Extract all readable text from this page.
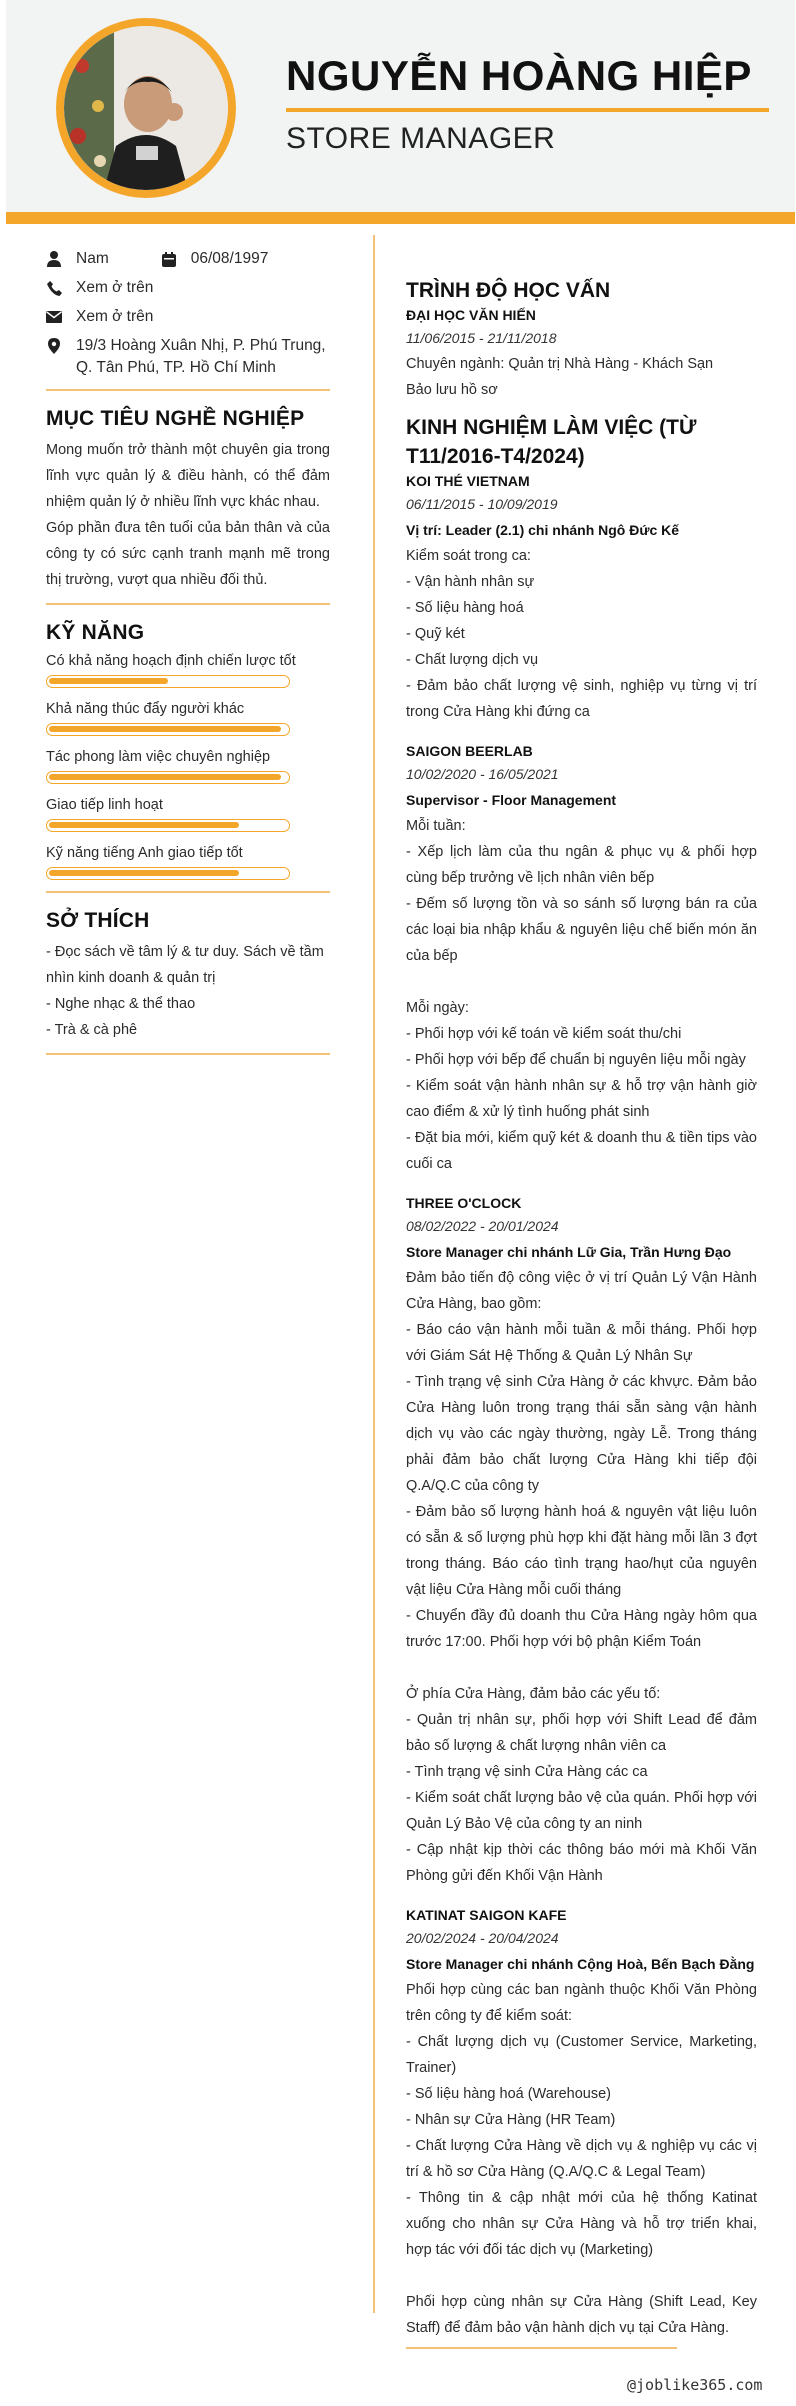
NGUYỄN HOÀNG HIỆP
STORE MANAGER
Nam	06/08/1997
Xem ở trên
Xem ở trên
19/3 Hoàng Xuân Nhị, P. Phú Trung, Q. Tân Phú, TP. Hồ Chí Minh
MỤC TIÊU NGHỀ NGHIỆP
Mong muốn trở thành một chuyên gia trong lĩnh vực quản lý & điều hành, có thể đảm nhiệm quản lý ở nhiều lĩnh vực khác nhau.
Góp phần đưa tên tuổi của bản thân và của công ty có sức cạnh tranh mạnh mẽ trong thị trường, vượt qua nhiều đối thủ.
KỸ NĂNG
Có khả năng hoạch định chiến lược tốt
Khả năng thúc đẩy người khác
Tác phong làm việc chuyên nghiệp
Giao tiếp linh hoạt
Kỹ năng tiếng Anh giao tiếp tốt
SỞ THÍCH
- Đọc sách về tâm lý & tư duy. Sách về tầm nhìn kinh doanh & quản trị
- Nghe nhạc & thể thao
- Trà & cà phê
TRÌNH ĐỘ HỌC VẤN
ĐẠI HỌC VĂN HIẾN
11/06/2015 - 21/11/2018
Chuyên ngành: Quản trị Nhà Hàng - Khách Sạn
Bảo lưu hồ sơ
KINH NGHIỆM LÀM VIỆC (TỪ T11/2016-T4/2024)
KOI THÉ VIETNAM
06/11/2015 - 10/09/2019
Vị trí: Leader (2.1) chi nhánh Ngô Đức Kế
Kiểm soát trong ca:
- Vận hành nhân sự
- Số liệu hàng hoá
- Quỹ két
- Chất lượng dịch vụ
- Đảm bảo chất lượng vệ sinh, nghiệp vụ từng vị trí trong Cửa Hàng khi đứng ca
SAIGON BEERLAB
10/02/2020 - 16/05/2021
Supervisor - Floor Management
Mỗi tuần:
- Xếp lịch làm của thu ngân & phục vụ & phối hợp cùng bếp trưởng về lịch nhân viên bếp
- Đếm số lượng tồn và so sánh số lượng bán ra của các loại bia nhập khẩu & nguyên liệu chế biến món ăn của bếp
Mỗi ngày:
- Phối hợp với kế toán về kiểm soát thu/chi
- Phối hợp với bếp để chuẩn bị nguyên liệu mỗi ngày
- Kiểm soát vận hành nhân sự & hỗ trợ vận hành giờ cao điểm & xử lý tình huống phát sinh
- Đặt bia mới, kiểm quỹ két & doanh thu & tiền tips vào cuối ca
THREE O'CLOCK
08/02/2022 - 20/01/2024
Store Manager chi nhánh Lữ Gia, Trần Hưng Đạo
Đảm bảo tiến độ công việc ở vị trí Quản Lý Vận Hành Cửa Hàng, bao gồm:
- Báo cáo vận hành mỗi tuần & mỗi tháng. Phối hợp với Giám Sát Hệ Thống & Quản Lý Nhân Sự
- Tình trạng vệ sinh Cửa Hàng ở các khvực. Đảm bảo Cửa Hàng luôn trong trạng thái sẵn sàng vận hành dịch vụ vào các ngày thường, ngày Lễ. Trong tháng phải đảm bảo chất lượng Cửa Hàng khi tiếp đội Q.A/Q.C của công ty
- Đảm bảo số lượng hành hoá & nguyên vật liệu luôn có sẵn & số lượng phù hợp khi đặt hàng mỗi lần 3 đợt trong tháng. Báo cáo tình trạng hao/hụt của nguyên vật liệu Cửa Hàng mỗi cuối tháng
- Chuyển đầy đủ doanh thu Cửa Hàng ngày hôm qua trước 17:00. Phối hợp với bộ phận Kiểm Toán
Ở phía Cửa Hàng, đảm bảo các yếu tố:
- Quản trị nhân sự, phối hợp với Shift Lead để đảm bảo số lượng & chất lượng nhân viên ca
- Tình trạng vệ sinh Cửa Hàng các ca
- Kiểm soát chất lượng bảo vệ của quán. Phối hợp với Quản Lý Bảo Vệ của công ty an ninh
- Cập nhật kịp thời các thông báo mới mà Khối Văn Phòng gửi đến Khối Vận Hành
KATINAT SAIGON KAFE
20/02/2024 - 20/04/2024
Store Manager chi nhánh Cộng Hoà, Bến Bạch Đằng
Phối hợp cùng các ban ngành thuộc Khối Văn Phòng trên công ty để kiểm soát:
- Chất lượng dịch vụ (Customer Service, Marketing, Trainer)
- Số liệu hàng hoá (Warehouse)
- Nhân sự Cửa Hàng (HR Team)
- Chất lượng Cửa Hàng về dịch vụ & nghiệp vụ các vị trí & hồ sơ Cửa Hàng (Q.A/Q.C & Legal Team)
- Thông tin & cập nhật mới của hệ thống Katinat xuống cho nhân sự Cửa Hàng và hỗ trợ triển khai, hợp tác với đối tác dịch vụ (Marketing)
Phối hợp cùng nhân sự Cửa Hàng (Shift Lead, Key Staff) để đảm bảo vận hành dịch vụ tại Cửa Hàng.
@joblike365.com
